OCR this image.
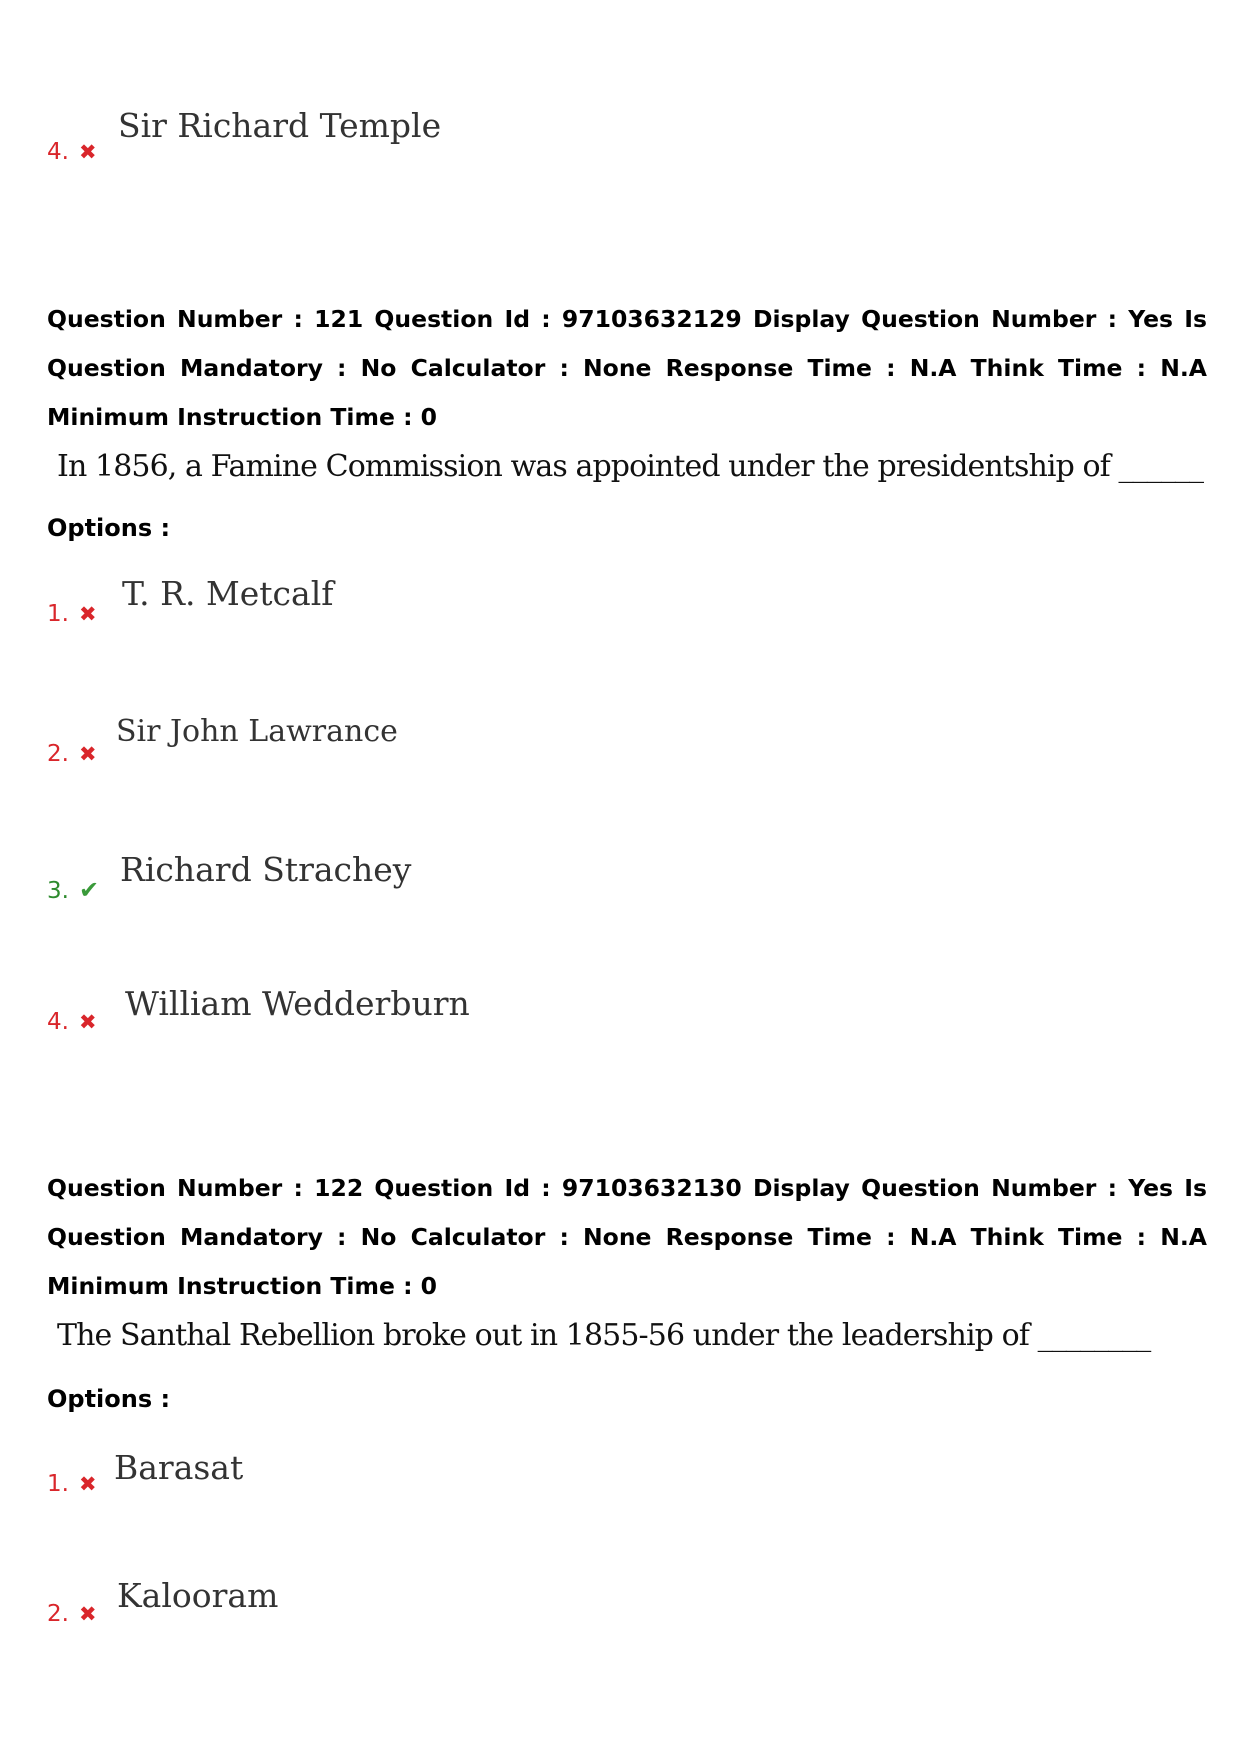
4. ✖
Sir Richard Temple
Question Number : 121 Question Id : 97103632129 Display Question Number : Yes Is Question Mandatory : No Calculator : None Response Time : N.A Think Time : N.A Minimum Instruction Time : 0
In 1856, a Famine Commission was appointed under the presidentship of ______
Options :
1. ✖
T. R. Metcalf
2. ✖
Sir John Lawrance
3. ✔
Richard Strachey
4. ✖ William Wedderburn
Question Number : 122 Question Id : 97103632130 Display Question Number : Yes Is Question Mandatory : No Calculator : None Response Time : N.A Think Time : N.A Minimum Instruction Time : 0
The Santhal Rebellion broke out in 1855-56 under the leadership of ________
Options :
1. ✖ Barasat
2. ✖ Kalooram
